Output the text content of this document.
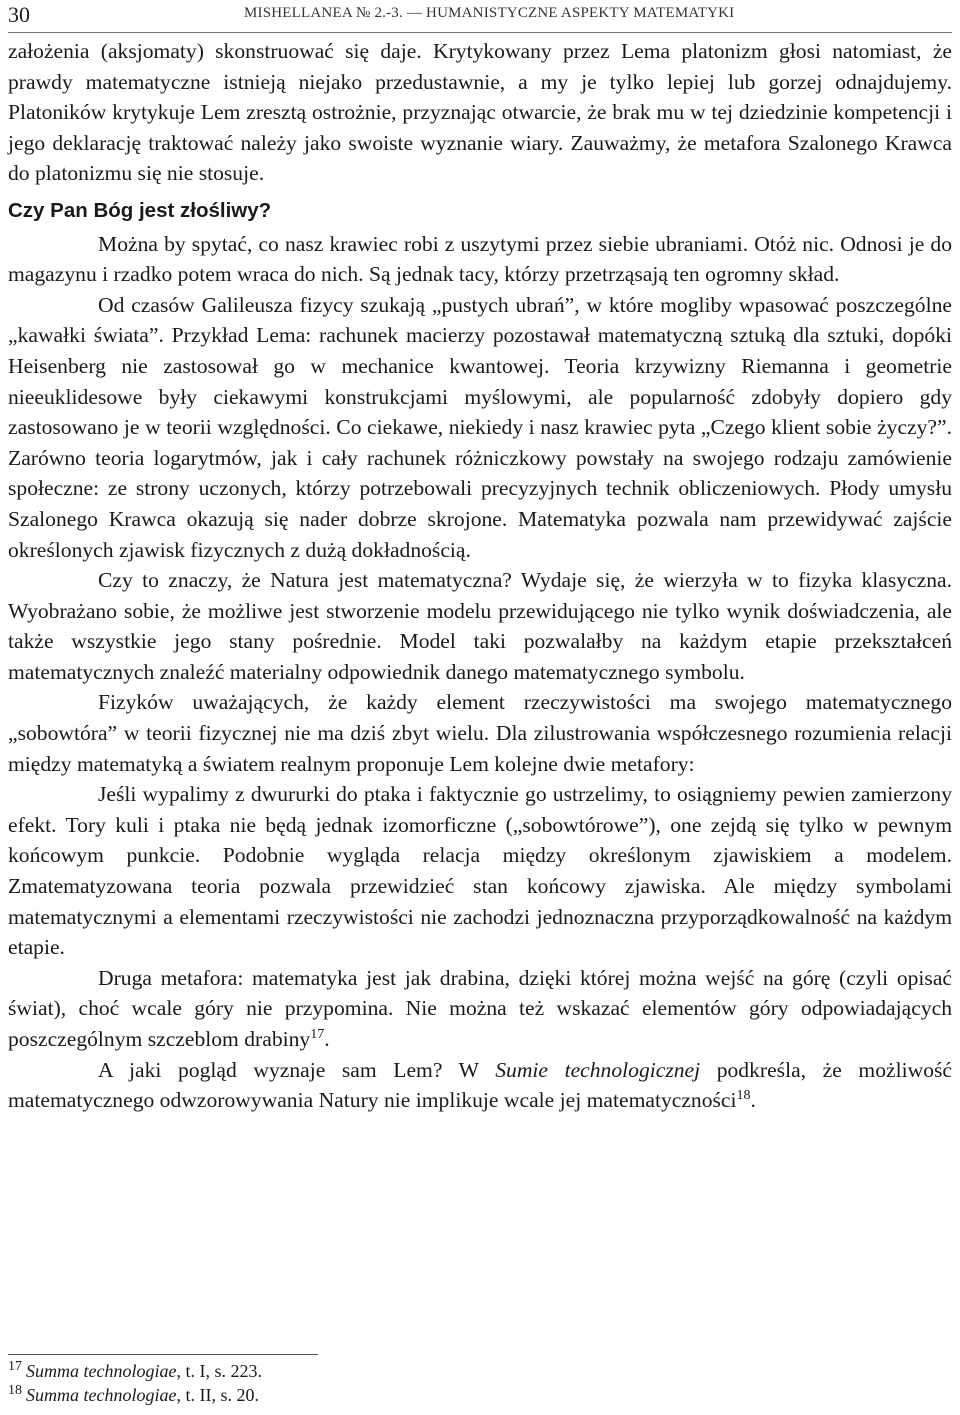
30	MISHELLANEA № 2.-3. — HUMANISTYCZNE ASPEKTY MATEMATYKI

założenia (aksjomaty) skonstruować się daje. Krytykowany przez Lema platonizm głosi natomiast, że prawdy matematyczne istnieją niejako przedustawnie, a my je tylko lepiej lub gorzej odnajdujemy. Platoników krytykuje Lem zresztą ostrożnie, przyznając otwarcie, że brak mu w tej dziedzinie kompetencji i jego deklarację traktować należy jako swoiste wyznanie wiary. Zauważmy, że metafora Szalonego Krawca do platonizmu się nie stosuje.

Czy Pan Bóg jest złośliwy?

Można by spytać, co nasz krawiec robi z uszytymi przez siebie ubraniami. Otóż nic. Odnosi je do magazynu i rzadko potem wraca do nich. Są jednak tacy, którzy przetrząsają ten ogromny skład.

Od czasów Galileusza fizycy szukają „pustych ubrań”, w które mogliby wpasować poszczególne „kawałki świata”. Przykład Lema: rachunek macierzy pozostawał matematyczną sztuką dla sztuki, dopóki Heisenberg nie zastosował go w mechanice kwantowej. Teoria krzywizny Riemanna i geometrie nieeuklidesowe były ciekawymi konstrukcjami myślowymi, ale popularność zdobyły dopiero gdy zastosowano je w teorii względności. Co ciekawe, niekiedy i nasz krawiec pyta „Czego klient sobie życzy?”. Zarówno teoria logarytmów, jak i cały rachunek różniczkowy powstały na swojego rodzaju zamówienie społeczne: ze strony uczonych, którzy potrzebowali precyzyjnych technik obliczeniowych. Płody umysłu Szalonego Krawca okazują się nader dobrze skrojone. Matematyka pozwala nam przewidywać zajście określonych zjawisk fizycznych z dużą dokładnością.

Czy to znaczy, że Natura jest matematyczna? Wydaje się, że wierzyła w to fizyka klasyczna. Wyobrażano sobie, że możliwe jest stworzenie modelu przewidującego nie tylko wynik doświadczenia, ale także wszystkie jego stany pośrednie. Model taki pozwalałby na każdym etapie przekształceń matematycznych znaleźć materialny odpowiednik danego matematycznego symbolu.

Fizyków uważających, że każdy element rzeczywistości ma swojego matematycznego „sobowtóra” w teorii fizycznej nie ma dziś zbyt wielu. Dla zilustrowania współczesnego rozumienia relacji między matematyką a światem realnym proponuje Lem kolejne dwie metafory:

Jeśli wypalimy z dwururki do ptaka i faktycznie go ustrzelimy, to osiągniemy pewien zamierzony efekt. Tory kuli i ptaka nie będą jednak izomorficzne („sobowtórowe”), one zejdą się tylko w pewnym końcowym punkcie. Podobnie wygląda relacja między określonym zjawiskiem a modelem. Zmatematyzowana teoria pozwala przewidzieć stan końcowy zjawiska. Ale między symbolami matematycznymi a elementami rzeczywistości nie zachodzi jednoznaczna przyporządkowalność na każdym etapie.

Druga metafora: matematyka jest jak drabina, dzięki której można wejść na górę (czyli opisać świat), choć wcale góry nie przypomina. Nie można też wskazać elementów góry odpowiadających poszczególnym szczeblom drabiny$^{17}$.

A jaki pogląd wyznaje sam Lem? W Sumie technologicznej podkreśla, że możliwość matematycznego odwzorowywania Natury nie implikuje wcale jej matematyczności$^{18}$.

$^{17}$ Summa technologiae, t. I, s. 223.
$^{18}$ Summa technologiae, t. II, s. 20.
